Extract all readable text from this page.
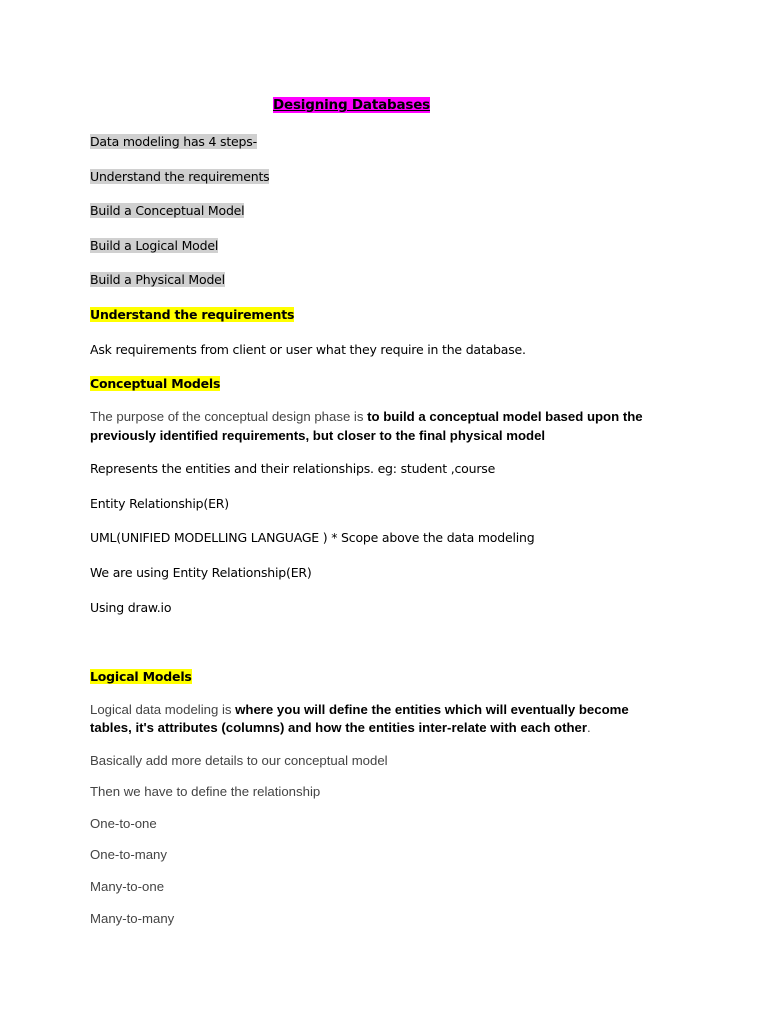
Designing Databases
Data modeling has 4 steps-
Understand the requirements
Build a Conceptual Model
Build a Logical Model
Build a Physical Model
Understand the requirements
Ask requirements from client or user what they require in the database.
Conceptual Models
The purpose of the conceptual design phase is to build a conceptual model based upon the
previously identified requirements, but closer to the final physical model
Represents the entities and their relationships. eg: student ,course
Entity Relationship(ER)
UML(UNIFIED MODELLING LANGUAGE ) * Scope above the data modeling
We are using Entity Relationship(ER)
Using draw.io
Logical Models
Logical data modeling is where you will define the entities which will eventually become
tables, it's attributes (columns) and how the entities inter-relate with each other.
Basically add more details to our conceptual model
Then we have to define the relationship
One-to-one
One-to-many
Many-to-one
Many-to-many
